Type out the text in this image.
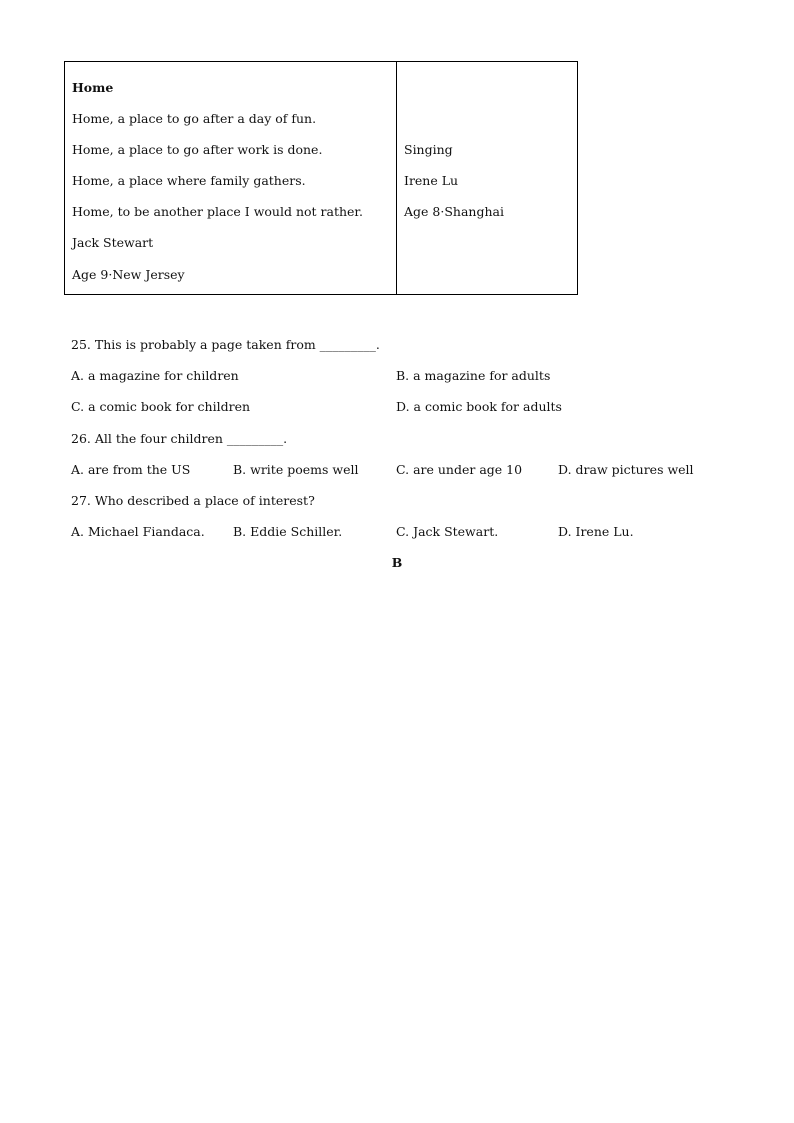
Home
Home, a place to go after a day of fun.
Home, a place to go after work is done.
Home, a place where family gathers.
Home, to be another place I would not rather.
Jack Stewart
Age 9·New Jersey
Singing
Irene Lu
Age 8·Shanghai
25. This is probably a page taken from _________.
A. a magazine for children	B. a magazine for adults
C. a comic book for children	D. a comic book for adults
26. All the four children _________.
A. are from the US	B. write poems well	C. are under age 10	D. draw pictures well
27. Who described a place of interest?
A. Michael Fiandaca. B. Eddie Schiller.	C. Jack Stewart.	D. Irene Lu.
B
